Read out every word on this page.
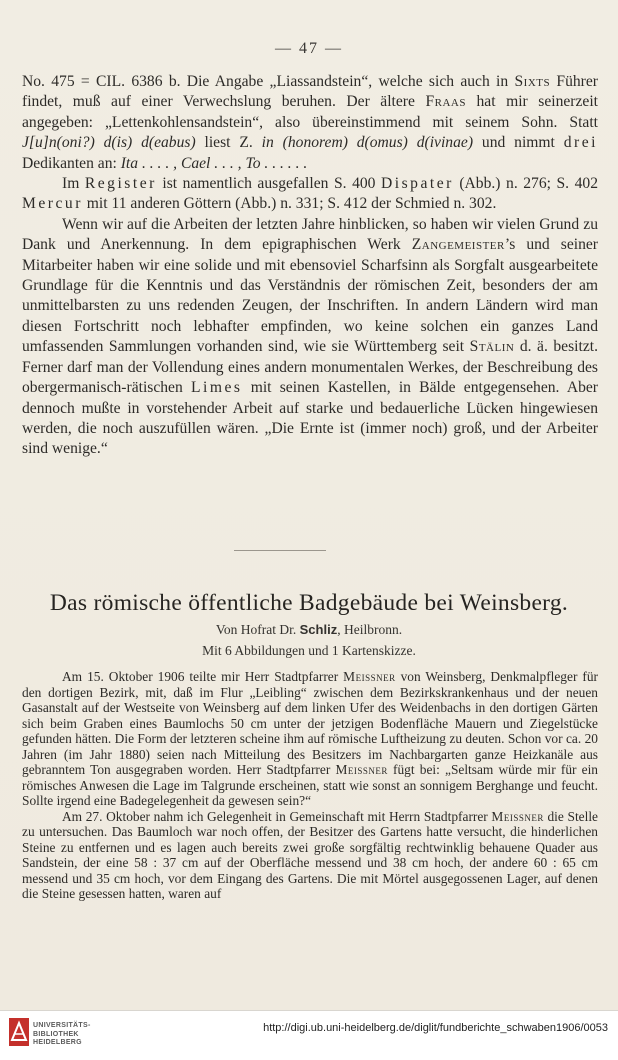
— 47 —

No. 475 = CIL. 6386 b. Die Angabe „Liassandstein“, welche sich auch in Sixts Führer findet, muß auf einer Verwechslung beruhen. Der ältere Fraas hat mir seinerzeit angegeben: „Lettenkohlensandstein“, also übereinstimmend mit seinem Sohn. Statt J[u]n(oni?) d(is) d(eabus) liest Z. in (honorem) d(omus) d(ivinae) und nimmt drei Dedikanten an: Ita . . . . , Cael . . . , To . . . . . .

Im Register ist namentlich ausgefallen S. 400 Dispater (Abb.) n. 276; S. 402 Mercur mit 11 anderen Göttern (Abb.) n. 331; S. 412 der Schmied n. 302.

Wenn wir auf die Arbeiten der letzten Jahre hinblicken, so haben wir vielen Grund zu Dank und Anerkennung. In dem epigraphischen Werk Zangemeister’s und seiner Mitarbeiter haben wir eine solide und mit ebensoviel Scharfsinn als Sorgfalt ausgearbeitete Grundlage für die Kenntnis und das Verständnis der römischen Zeit, besonders der am unmittelbarsten zu uns redenden Zeugen, der Inschriften. In andern Ländern wird man diesen Fortschritt noch lebhafter empfinden, wo keine solchen ein ganzes Land umfassenden Sammlungen vorhanden sind, wie sie Württemberg seit Stälin d. ä. besitzt. Ferner darf man der Vollendung eines andern monumentalen Werkes, der Beschreibung des obergermanisch-rätischen Limes mit seinen Kastellen, in Bälde entgegensehen. Aber dennoch mußte in vorstehender Arbeit auf starke und bedauerliche Lücken hingewiesen werden, die noch auszufüllen wären. „Die Ernte ist (immer noch) groß, und der Arbeiter sind wenige.“

Das römische öffentliche Badgebäude bei Weinsberg.
Von Hofrat Dr. Schliz, Heilbronn.
Mit 6 Abbildungen und 1 Kartenskizze.

Am 15. Oktober 1906 teilte mir Herr Stadtpfarrer Meissner von Weinsberg, Denkmalpfleger für den dortigen Bezirk, mit, daß im Flur „Leibling“ zwischen dem Bezirkskrankenhaus und der neuen Gasanstalt auf der Westseite von Weinsberg auf dem linken Ufer des Weidenbachs in den dortigen Gärten sich beim Graben eines Baumlochs 50 cm unter der jetzigen Bodenfläche Mauern und Ziegelstücke gefunden hätten. Die Form der letzteren scheine ihm auf römische Luftheizung zu deuten. Schon vor ca. 20 Jahren (im Jahr 1880) seien nach Mitteilung des Besitzers im Nachbargarten ganze Heizkanäle aus gebranntem Ton ausgegraben worden. Herr Stadtpfarrer Meissner fügt bei: „Seltsam würde mir für ein römisches Anwesen die Lage im Talgrunde erscheinen, statt wie sonst an sonnigem Berghange und feucht. Sollte irgend eine Badegelegenheit da gewesen sein?“

Am 27. Oktober nahm ich Gelegenheit in Gemeinschaft mit Herrn Stadtpfarrer Meissner die Stelle zu untersuchen. Das Baumloch war noch offen, der Besitzer des Gartens hatte versucht, die hinderlichen Steine zu entfernen und es lagen auch bereits zwei große sorgfältig rechtwinklig behauene Quader aus Sandstein, der eine 58 : 37 cm auf der Oberfläche messend und 38 cm hoch, der andere 60 : 65 cm messend und 35 cm hoch, vor dem Eingang des Gartens. Die mit Mörtel ausgegossenen Lager, auf denen die Steine gesessen hatten, waren auf

UNIVERSITÄTS-
BIBLIOTHEK
HEIDELBERG
http://digi.ub.uni-heidelberg.de/diglit/fundberichte_schwaben1906/0053
